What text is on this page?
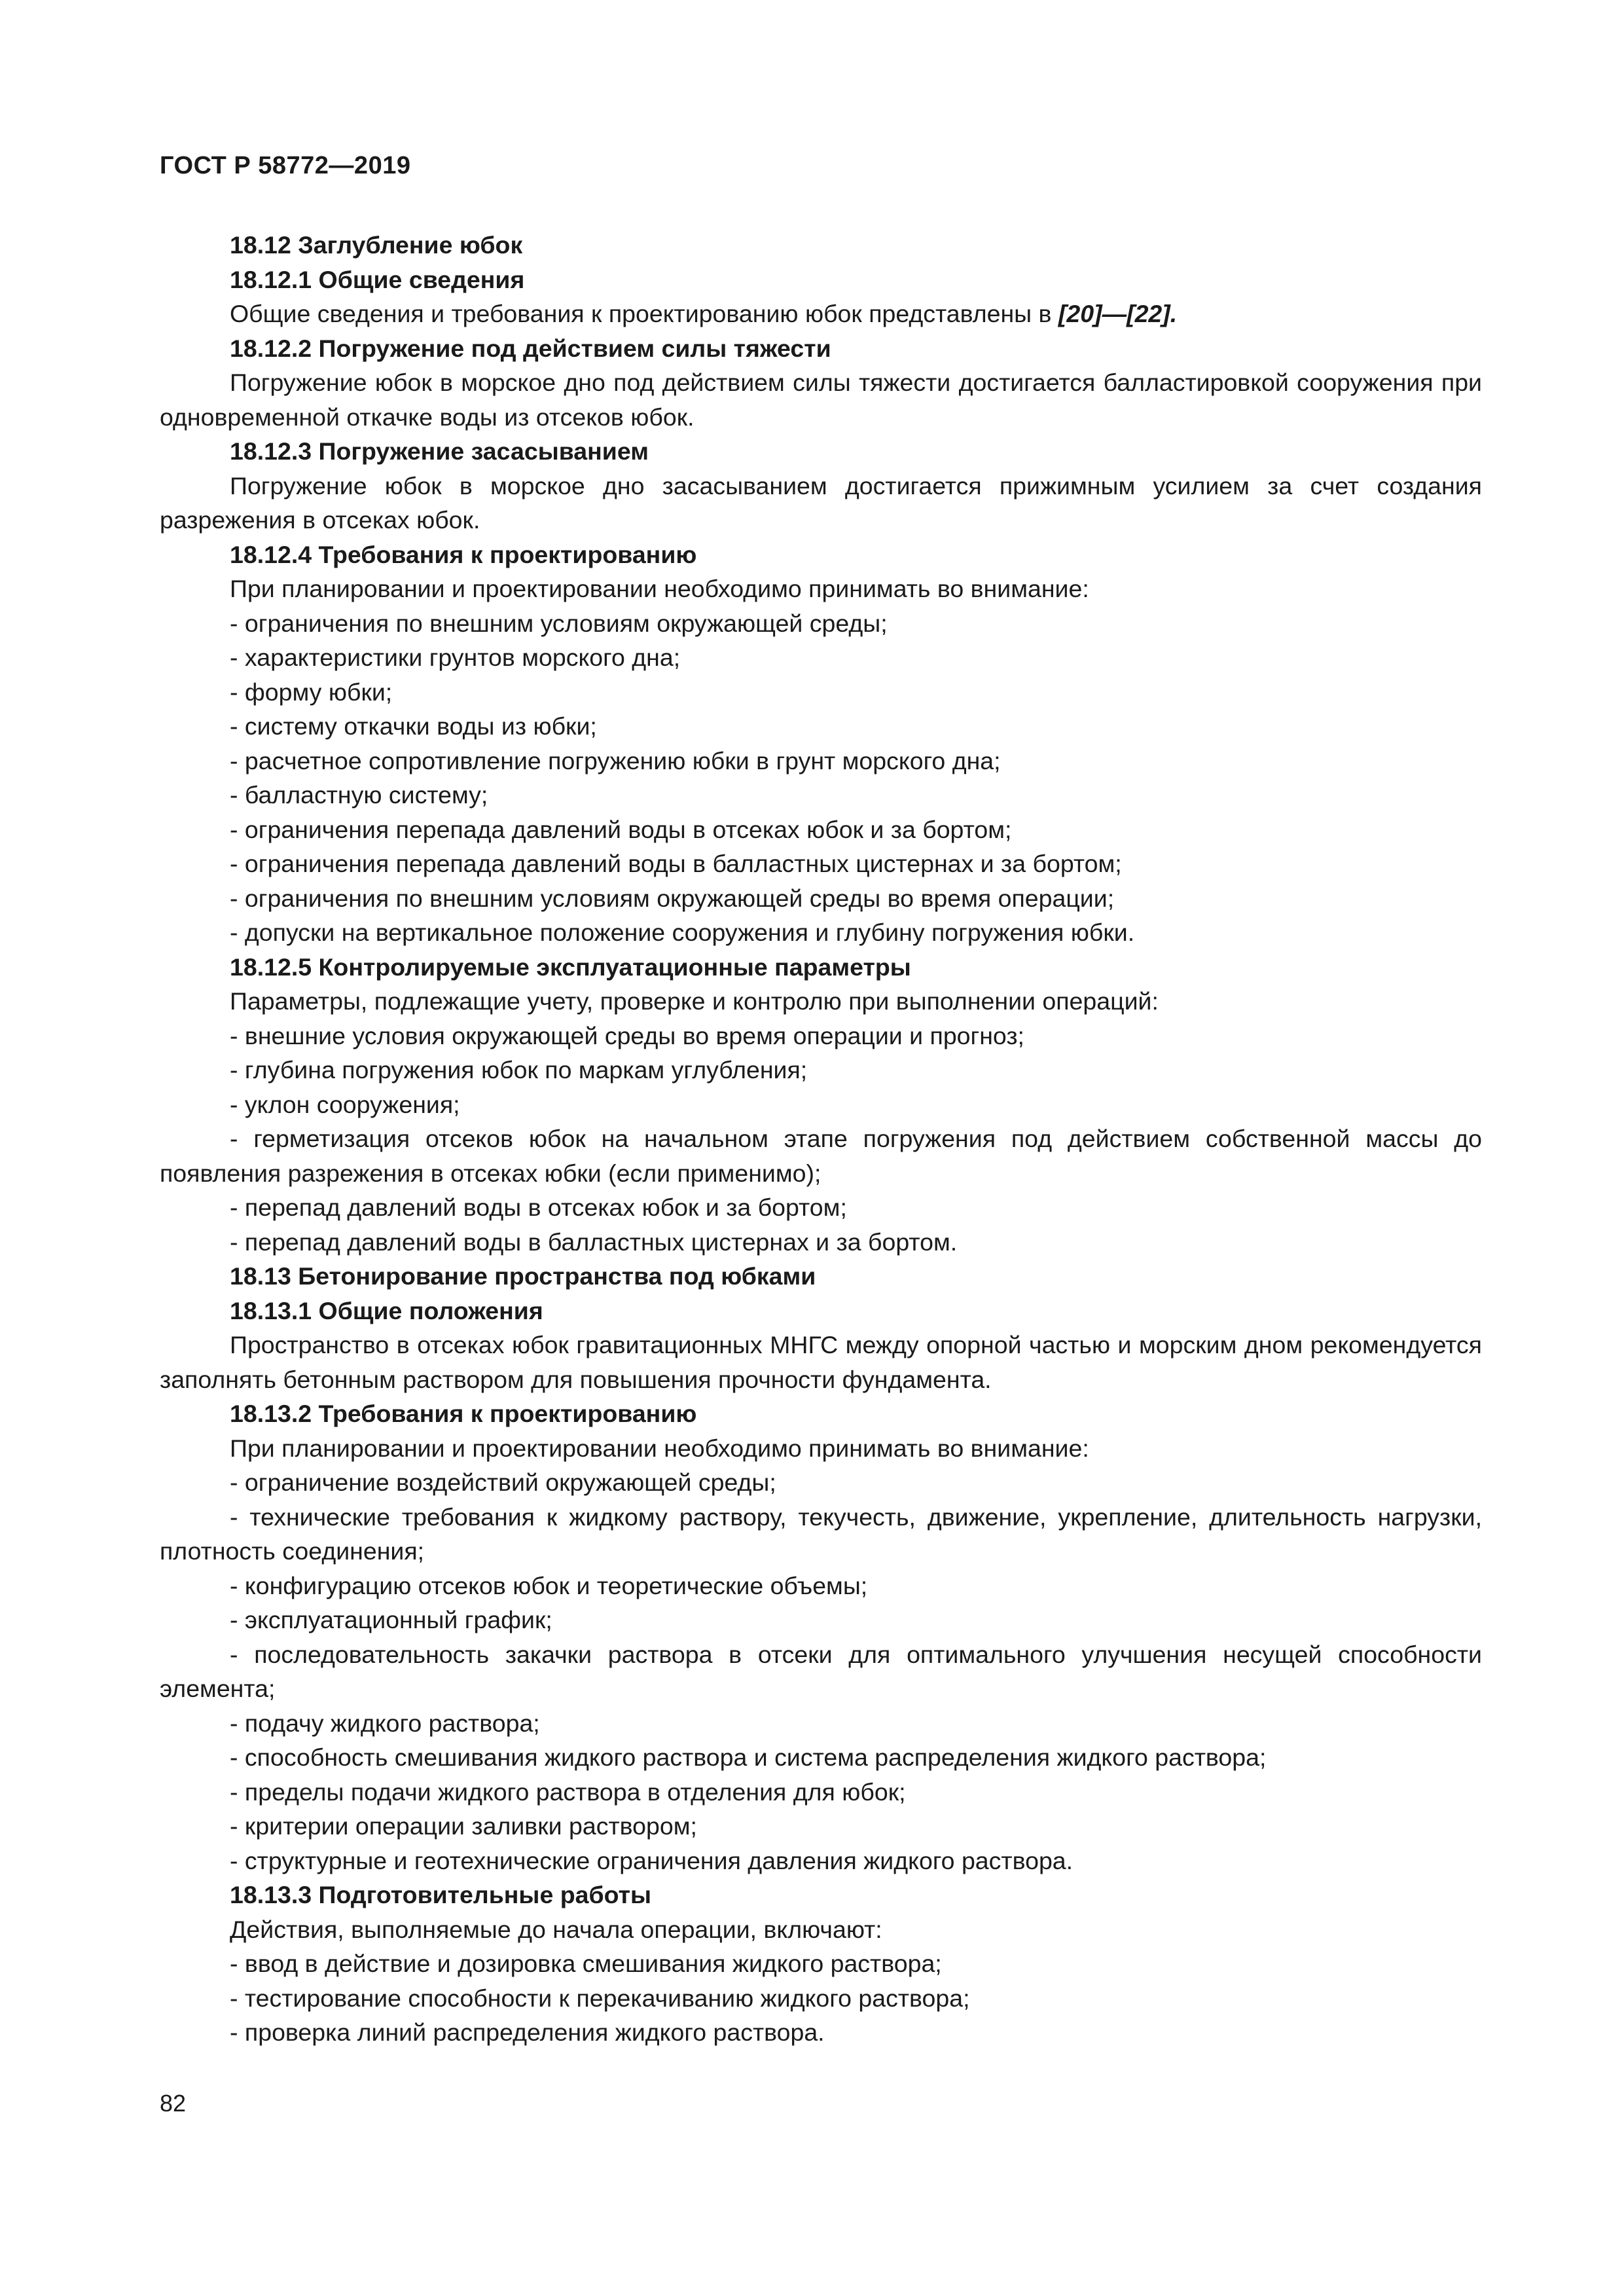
ГОСТ Р 58772—2019

18.12 Заглубление юбок

18.12.1 Общие сведения

Общие сведения и требования к проектированию юбок представлены в [20]—[22].

18.12.2 Погружение под действием силы тяжести

Погружение юбок в морское дно под действием силы тяжести достигается балластировкой сооружения при одновременной откачке воды из отсеков юбок.

18.12.3 Погружение засасыванием

Погружение юбок в морское дно засасыванием достигается прижимным усилием за счет создания разрежения в отсеках юбок.

18.12.4 Требования к проектированию

При планировании и проектировании необходимо принимать во внимание:

- ограничения по внешним условиям окружающей среды;

- характеристики грунтов морского дна;

- форму юбки;

- систему откачки воды из юбки;

- расчетное сопротивление погружению юбки в грунт морского дна;

- балластную систему;

- ограничения перепада давлений воды в отсеках юбок и за бортом;

- ограничения перепада давлений воды в балластных цистернах и за бортом;

- ограничения по внешним условиям окружающей среды во время операции;

- допуски на вертикальное положение сооружения и глубину погружения юбки.

18.12.5 Контролируемые эксплуатационные параметры

Параметры, подлежащие учету, проверке и контролю при выполнении операций:

- внешние условия окружающей среды во время операции и прогноз;

- глубина погружения юбок по маркам углубления;

- уклон сооружения;

- герметизация отсеков юбок на начальном этапе погружения под действием собственной массы до появления разрежения в отсеках юбки (если применимо);

- перепад давлений воды в отсеках юбок и за бортом;

- перепад давлений воды в балластных цистернах и за бортом.

18.13 Бетонирование пространства под юбками

18.13.1 Общие положения

Пространство в отсеках юбок гравитационных МНГС между опорной частью и морским дном рекомендуется заполнять бетонным раствором для повышения прочности фундамента.

18.13.2 Требования к проектированию

При планировании и проектировании необходимо принимать во внимание:

- ограничение воздействий окружающей среды;

- технические требования к жидкому раствору, текучесть, движение, укрепление, длительность нагрузки, плотность соединения;

- конфигурацию отсеков юбок и теоретические объемы;

- эксплуатационный график;

- последовательность закачки раствора в отсеки для оптимального улучшения несущей способности элемента;

- подачу жидкого раствора;

- способность смешивания жидкого раствора и система распределения жидкого раствора;

- пределы подачи жидкого раствора в отделения для юбок;

- критерии операции заливки раствором;

- структурные и геотехнические ограничения давления жидкого раствора.

18.13.3 Подготовительные работы

Действия, выполняемые до начала операции, включают:

- ввод в действие и дозировка смешивания жидкого раствора;

- тестирование способности к перекачиванию жидкого раствора;

- проверка линий распределения жидкого раствора.

82
